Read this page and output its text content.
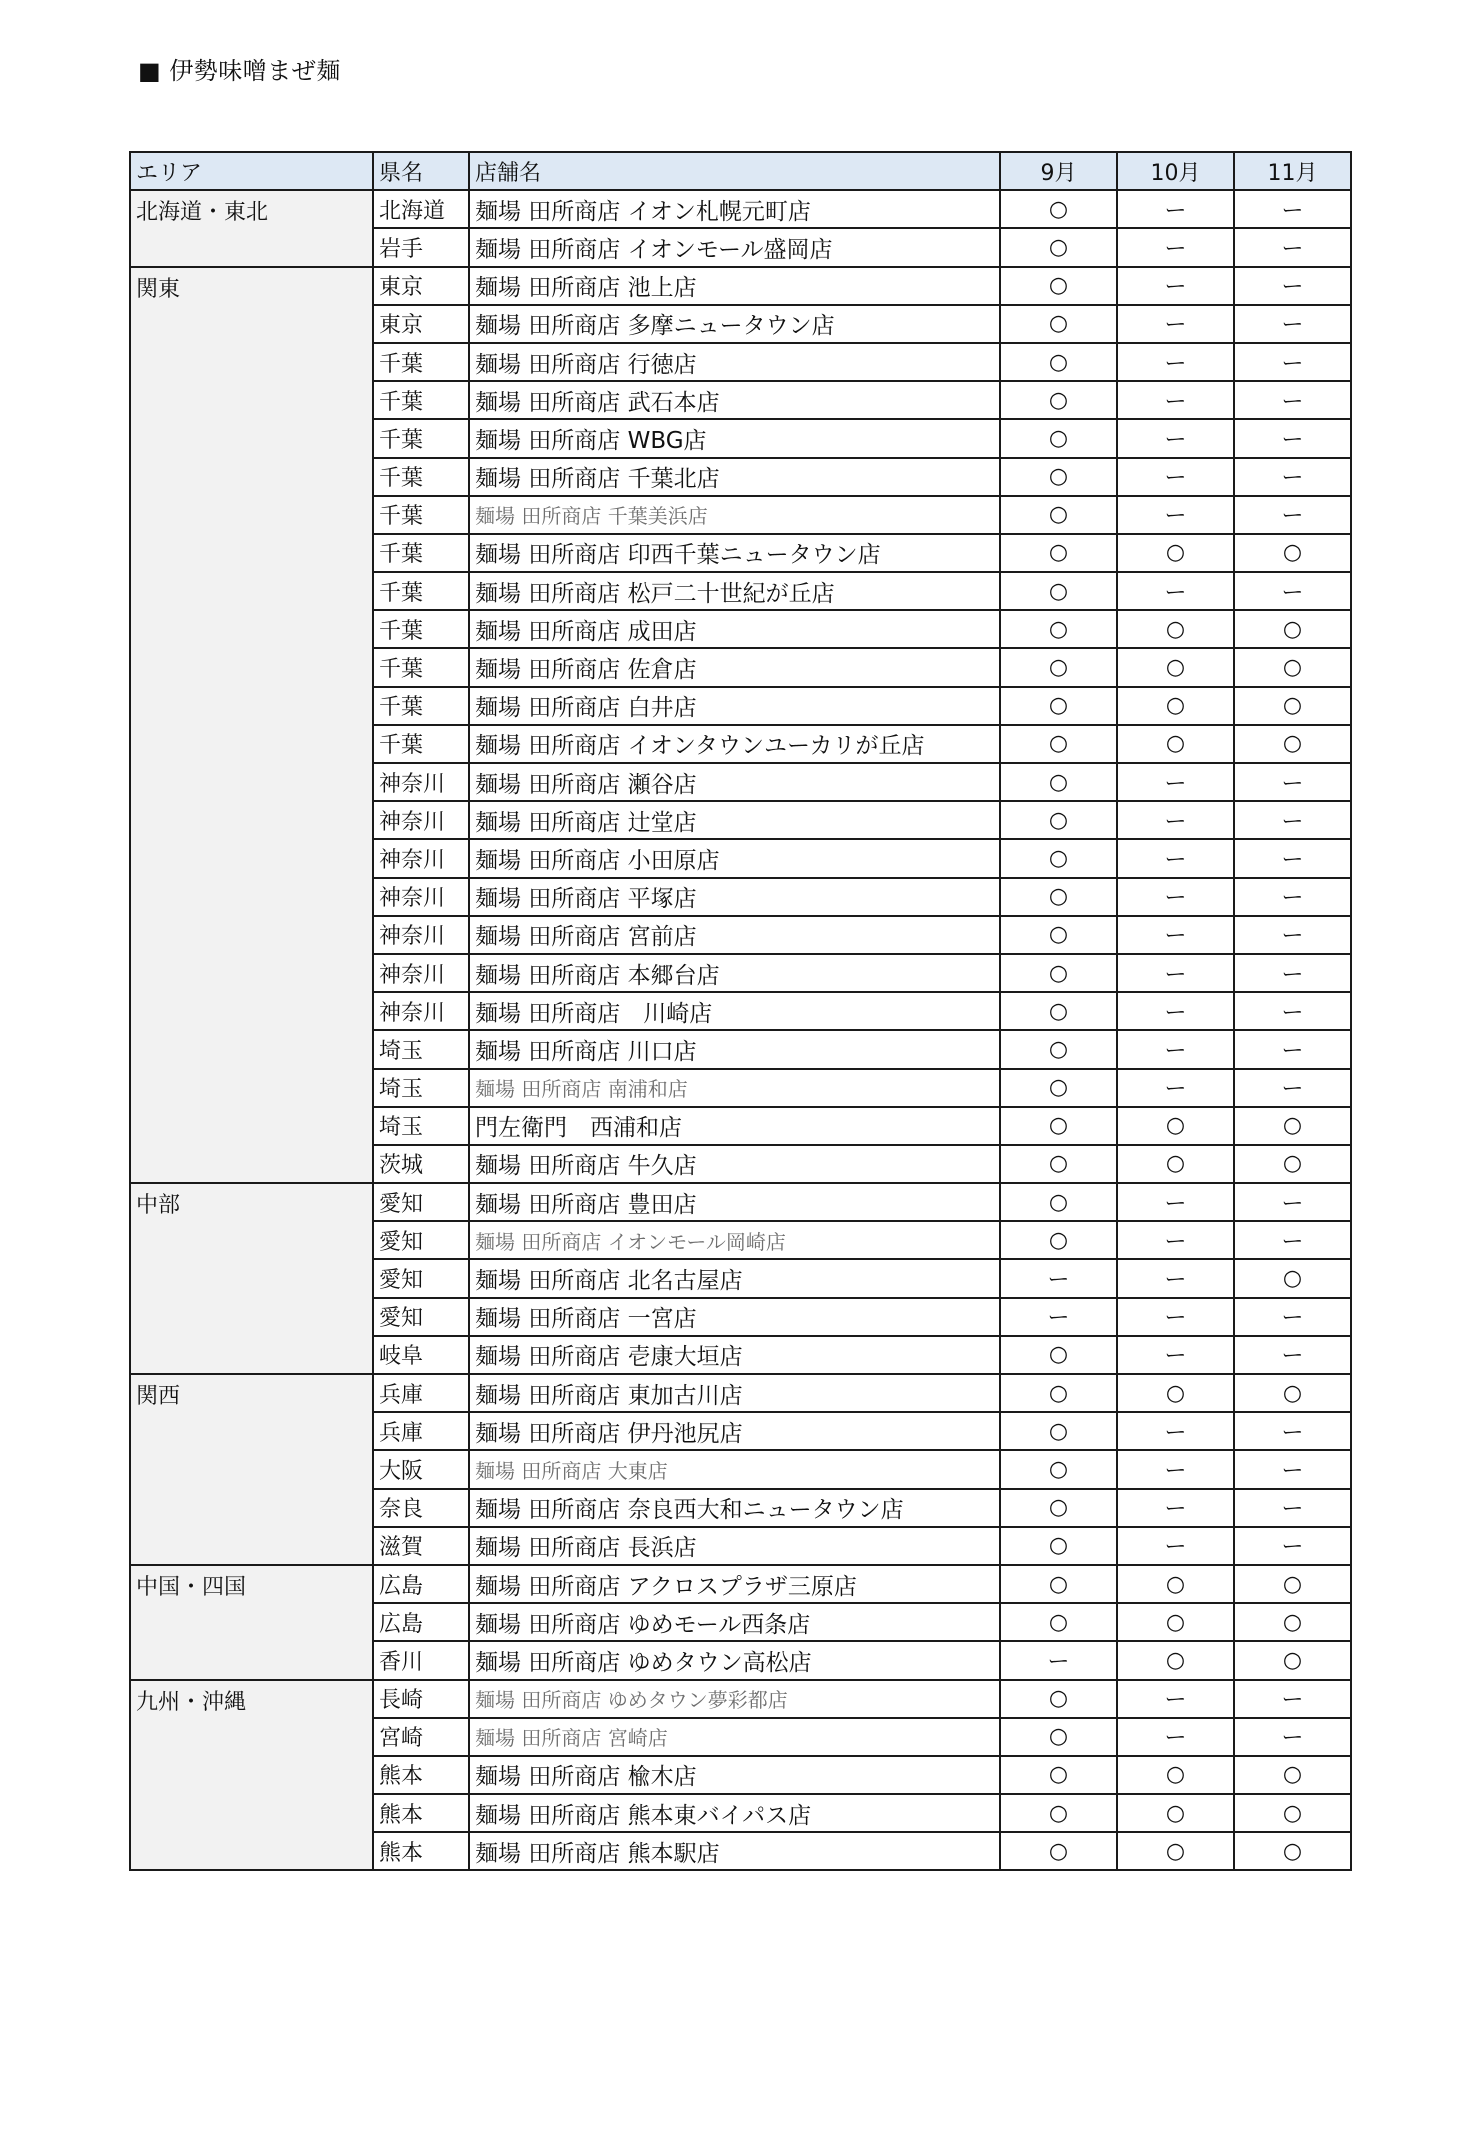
■ 伊勢味噌まぜ麺
エリア	県名	店舗名	9月	10月	11月
北海道・東北	北海道	麺場 田所商店 イオン札幌元町店	○	ー	ー
	岩手	麺場 田所商店 イオンモール盛岡店	○	ー	ー
関東	東京	麺場 田所商店 池上店	○	ー	ー
	東京	麺場 田所商店 多摩ニュータウン店	○	ー	ー
	千葉	麺場 田所商店 行徳店	○	ー	ー
	千葉	麺場 田所商店 武石本店	○	ー	ー
	千葉	麺場 田所商店 WBG店	○	ー	ー
	千葉	麺場 田所商店 千葉北店	○	ー	ー
	千葉	麺場 田所商店 千葉美浜店	○	ー	ー
	千葉	麺場 田所商店 印西千葉ニュータウン店	○	○	○
	千葉	麺場 田所商店 松戸二十世紀が丘店	○	ー	ー
	千葉	麺場 田所商店 成田店	○	○	○
	千葉	麺場 田所商店 佐倉店	○	○	○
	千葉	麺場 田所商店 白井店	○	○	○
	千葉	麺場 田所商店 イオンタウンユーカリが丘店	○	○	○
	神奈川	麺場 田所商店 瀬谷店	○	ー	ー
	神奈川	麺場 田所商店 辻堂店	○	ー	ー
	神奈川	麺場 田所商店 小田原店	○	ー	ー
	神奈川	麺場 田所商店 平塚店	○	ー	ー
	神奈川	麺場 田所商店 宮前店	○	ー	ー
	神奈川	麺場 田所商店 本郷台店	○	ー	ー
	神奈川	麺場 田所商店　川崎店	○	ー	ー
	埼玉	麺場 田所商店 川口店	○	ー	ー
	埼玉	麺場 田所商店 南浦和店	○	ー	ー
	埼玉	門左衛門　西浦和店	○	○	○
	茨城	麺場 田所商店 牛久店	○	○	○
中部	愛知	麺場 田所商店 豊田店	○	ー	ー
	愛知	麺場 田所商店 イオンモール岡崎店	○	ー	ー
	愛知	麺場 田所商店 北名古屋店	ー	ー	○
	愛知	麺場 田所商店 一宮店	ー	ー	ー
	岐阜	麺場 田所商店 壱康大垣店	○	ー	ー
関西	兵庫	麺場 田所商店 東加古川店	○	○	○
	兵庫	麺場 田所商店 伊丹池尻店	○	ー	ー
	大阪	麺場 田所商店 大東店	○	ー	ー
	奈良	麺場 田所商店 奈良西大和ニュータウン店	○	ー	ー
	滋賀	麺場 田所商店 長浜店	○	ー	ー
中国・四国	広島	麺場 田所商店 アクロスプラザ三原店	○	○	○
	広島	麺場 田所商店 ゆめモール西条店	○	○	○
	香川	麺場 田所商店 ゆめタウン高松店	ー	○	○
九州・沖縄	長崎	麺場 田所商店 ゆめタウン夢彩都店	○	ー	ー
	宮崎	麺場 田所商店 宮崎店	○	ー	ー
	熊本	麺場 田所商店 楡木店	○	○	○
	熊本	麺場 田所商店 熊本東バイパス店	○	○	○
	熊本	麺場 田所商店 熊本駅店	○	○	○
